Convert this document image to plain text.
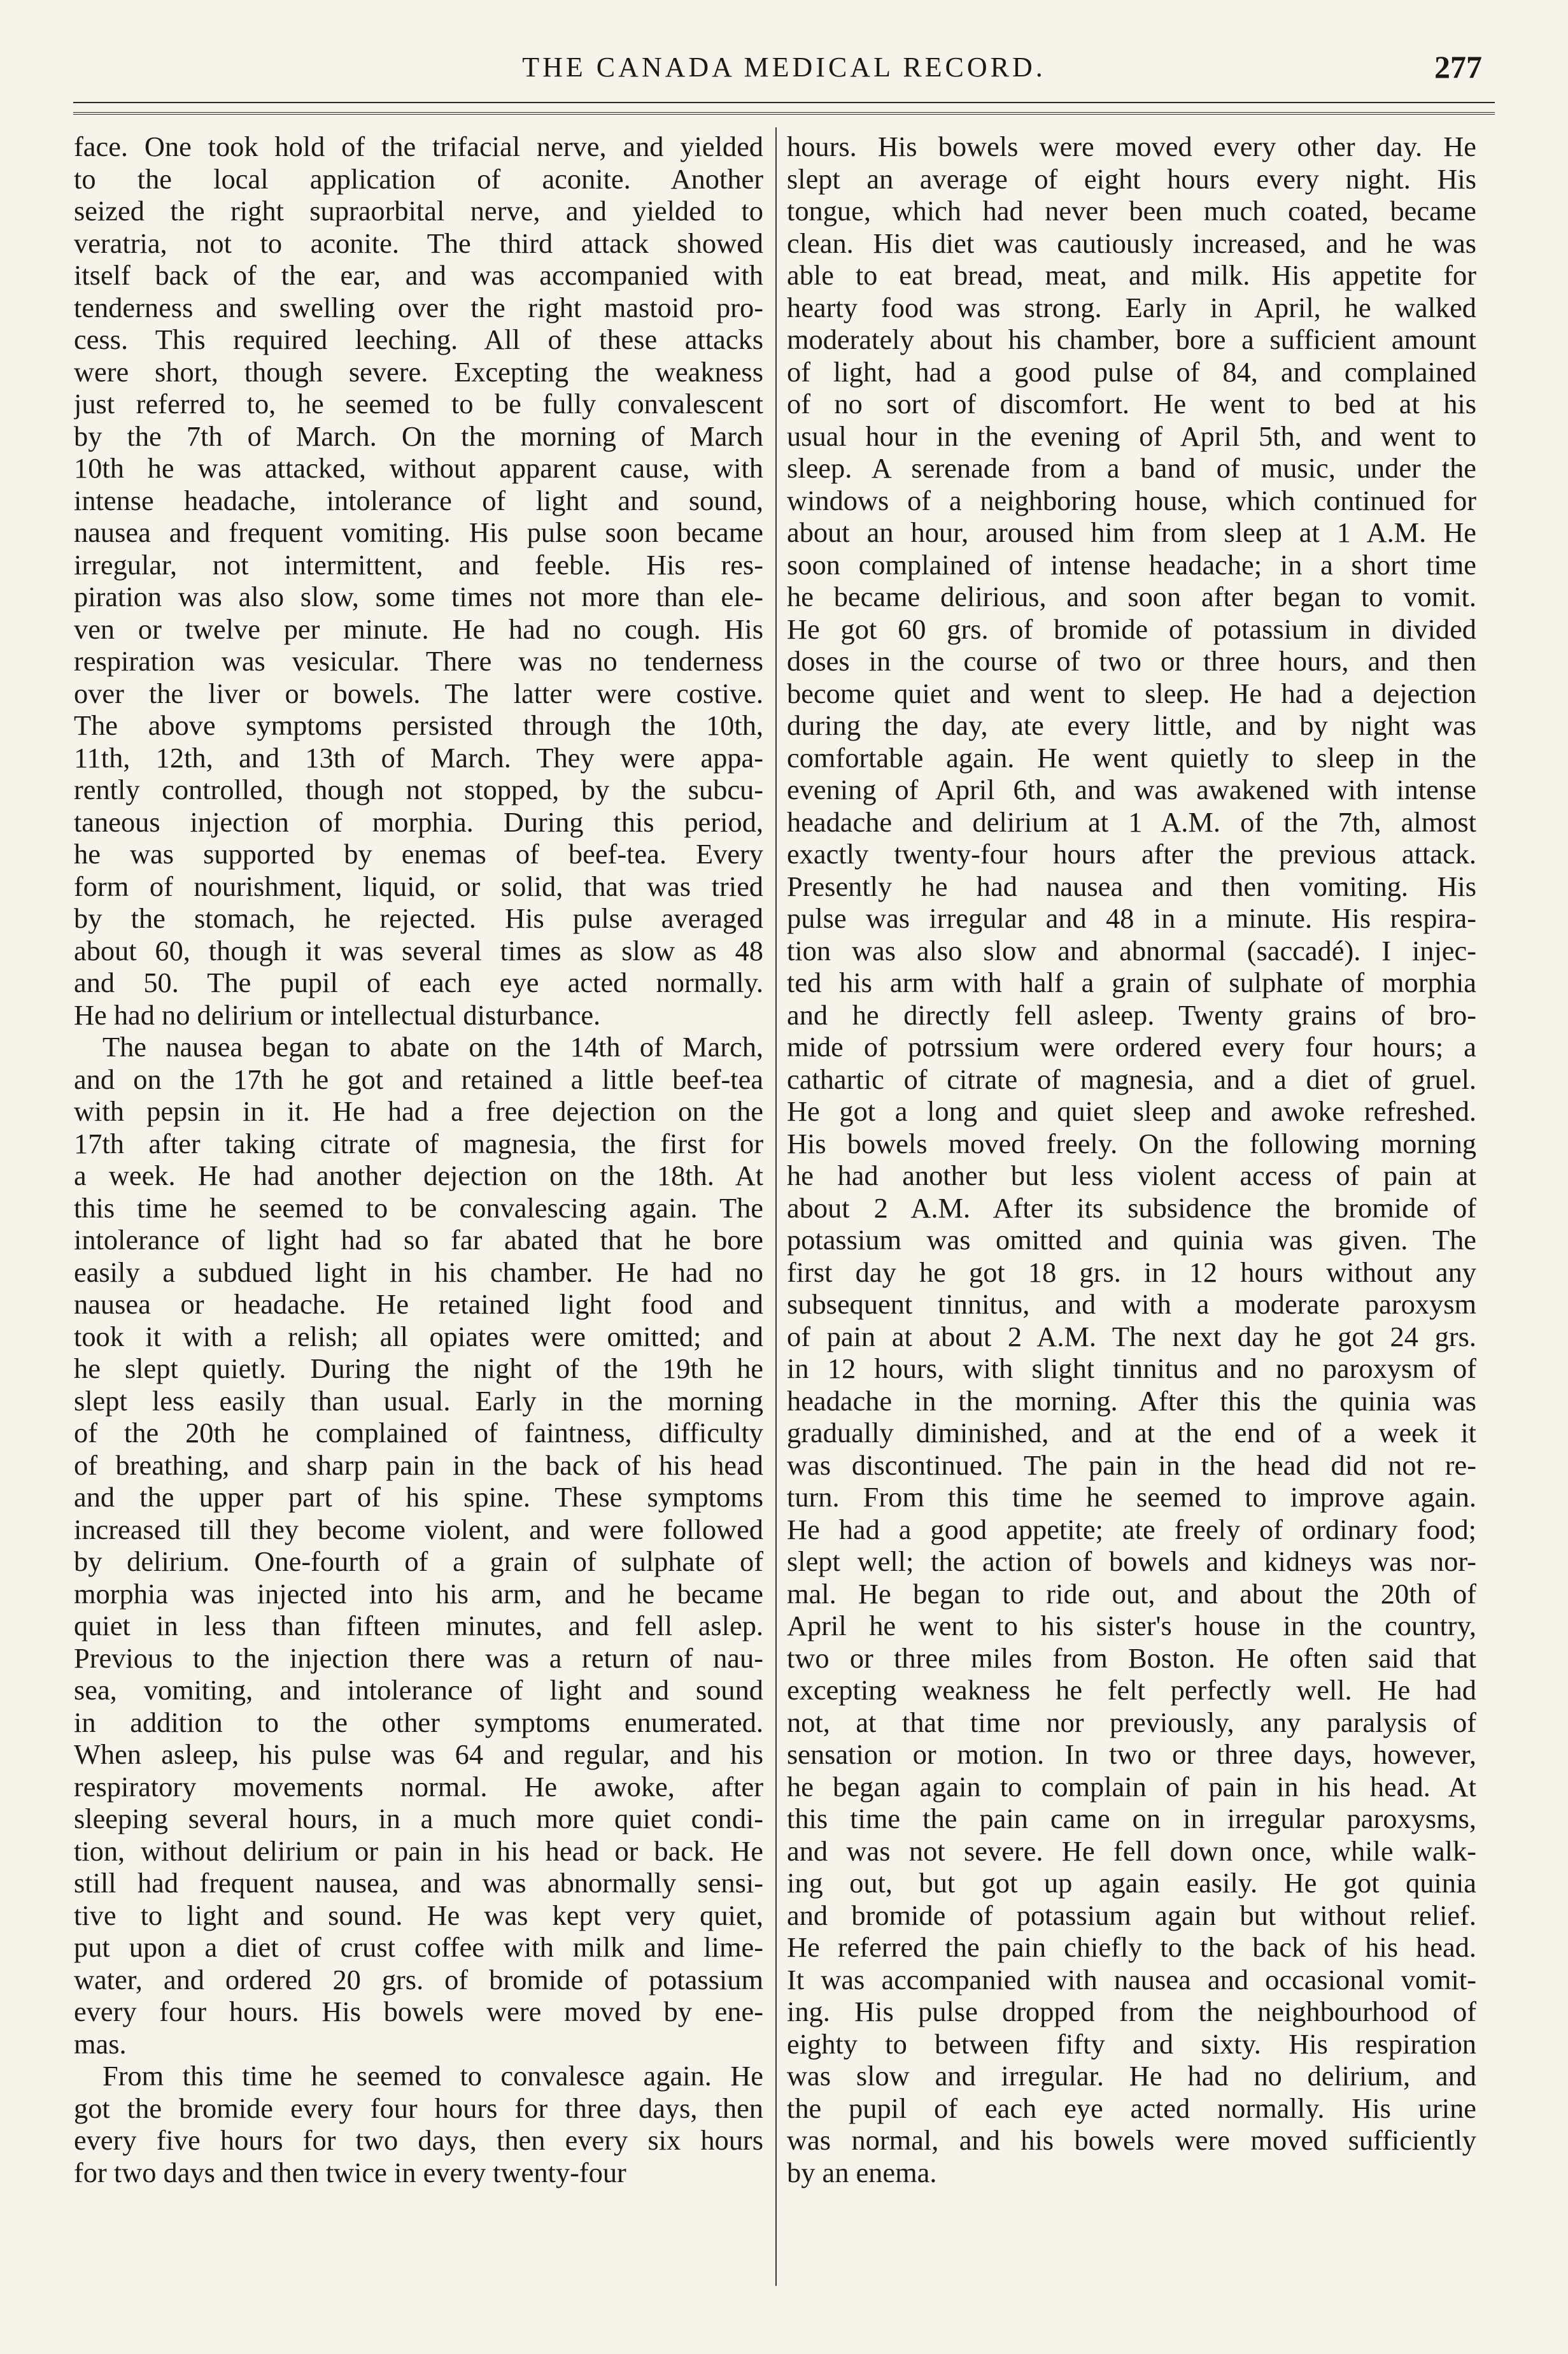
THE CANADA MEDICAL RECORD.	277
face. One took hold of the trifacial nerve, and yielded
to the local application of aconite. Another
seized the right supraorbital nerve, and yielded to
veratria, not to aconite. The third attack showed
itself back of the ear, and was accompanied with
tenderness and swelling over the right mastoid pro-
cess. This required leeching. All of these attacks
were short, though severe. Excepting the weakness
just referred to, he seemed to be fully convalescent
by the 7th of March. On the morning of March
10th he was attacked, without apparent cause, with
intense headache, intolerance of light and sound,
nausea and frequent vomiting. His pulse soon became
irregular, not intermittent, and feeble. His res-
piration was also slow, some times not more than ele-
ven or twelve per minute. He had no cough. His
respiration was vesicular. There was no tenderness
over the liver or bowels. The latter were costive.
The above symptoms persisted through the 10th,
11th, 12th, and 13th of March. They were appa-
rently controlled, though not stopped, by the subcu-
taneous injection of morphia. During this period,
he was supported by enemas of beef-tea. Every
form of nourishment, liquid, or solid, that was tried
by the stomach, he rejected. His pulse averaged
about 60, though it was several times as slow as 48
and 50. The pupil of each eye acted normally.
He had no delirium or intellectual disturbance.
The nausea began to abate on the 14th of March,
and on the 17th he got and retained a little beef-tea
with pepsin in it. He had a free dejection on the
17th after taking citrate of magnesia, the first for
a week. He had another dejection on the 18th. At
this time he seemed to be convalescing again. The
intolerance of light had so far abated that he bore
easily a subdued light in his chamber. He had no
nausea or headache. He retained light food and
took it with a relish; all opiates were omitted; and
he slept quietly. During the night of the 19th he
slept less easily than usual. Early in the morning
of the 20th he complained of faintness, difficulty
of breathing, and sharp pain in the back of his head
and the upper part of his spine. These symptoms
increased till they become violent, and were followed
by delirium. One-fourth of a grain of sulphate of
morphia was injected into his arm, and he became
quiet in less than fifteen minutes, and fell aslep.
Previous to the injection there was a return of nau-
sea, vomiting, and intolerance of light and sound
in addition to the other symptoms enumerated.
When asleep, his pulse was 64 and regular, and his
respiratory movements normal. He awoke, after
sleeping several hours, in a much more quiet condi-
tion, without delirium or pain in his head or back. He
still had frequent nausea, and was abnormally sensi-
tive to light and sound. He was kept very quiet,
put upon a diet of crust coffee with milk and lime-
water, and ordered 20 grs. of bromide of potassium
every four hours. His bowels were moved by ene-
mas.
From this time he seemed to convalesce again. He
got the bromide every four hours for three days, then
every five hours for two days, then every six hours
for two days and then twice in every twenty-four
hours. His bowels were moved every other day. He
slept an average of eight hours every night. His
tongue, which had never been much coated, became
clean. His diet was cautiously increased, and he was
able to eat bread, meat, and milk. His appetite for
hearty food was strong. Early in April, he walked
moderately about his chamber, bore a sufficient amount
of light, had a good pulse of 84, and complained
of no sort of discomfort. He went to bed at his
usual hour in the evening of April 5th, and went to
sleep. A serenade from a band of music, under the
windows of a neighboring house, which continued for
about an hour, aroused him from sleep at 1 A.M. He
soon complained of intense headache; in a short time
he became delirious, and soon after began to vomit.
He got 60 grs. of bromide of potassium in divided
doses in the course of two or three hours, and then
become quiet and went to sleep. He had a dejection
during the day, ate every little, and by night was
comfortable again. He went quietly to sleep in the
evening of April 6th, and was awakened with intense
headache and delirium at 1 A.M. of the 7th, almost
exactly twenty-four hours after the previous attack.
Presently he had nausea and then vomiting. His
pulse was irregular and 48 in a minute. His respira-
tion was also slow and abnormal (saccadé). I injec-
ted his arm with half a grain of sulphate of morphia
and he directly fell asleep. Twenty grains of bro-
mide of potrssium were ordered every four hours; a
cathartic of citrate of magnesia, and a diet of gruel.
He got a long and quiet sleep and awoke refreshed.
His bowels moved freely. On the following morning
he had another but less violent access of pain at
about 2 A.M. After its subsidence the bromide of
potassium was omitted and quinia was given. The
first day he got 18 grs. in 12 hours without any
subsequent tinnitus, and with a moderate paroxysm
of pain at about 2 A.M. The next day he got 24 grs.
in 12 hours, with slight tinnitus and no paroxysm of
headache in the morning. After this the quinia was
gradually diminished, and at the end of a week it
was discontinued. The pain in the head did not re-
turn. From this time he seemed to improve again.
He had a good appetite; ate freely of ordinary food;
slept well; the action of bowels and kidneys was nor-
mal. He began to ride out, and about the 20th of
April he went to his sister's house in the country,
two or three miles from Boston. He often said that
excepting weakness he felt perfectly well. He had
not, at that time nor previously, any paralysis of
sensation or motion. In two or three days, however,
he began again to complain of pain in his head. At
this time the pain came on in irregular paroxysms,
and was not severe. He fell down once, while walk-
ing out, but got up again easily. He got quinia
and bromide of potassium again but without relief.
He referred the pain chiefly to the back of his head.
It was accompanied with nausea and occasional vomit-
ing. His pulse dropped from the neighbourhood of
eighty to between fifty and sixty. His respiration
was slow and irregular. He had no delirium, and
the pupil of each eye acted normally. His urine
was normal, and his bowels were moved sufficiently
by an enema.
